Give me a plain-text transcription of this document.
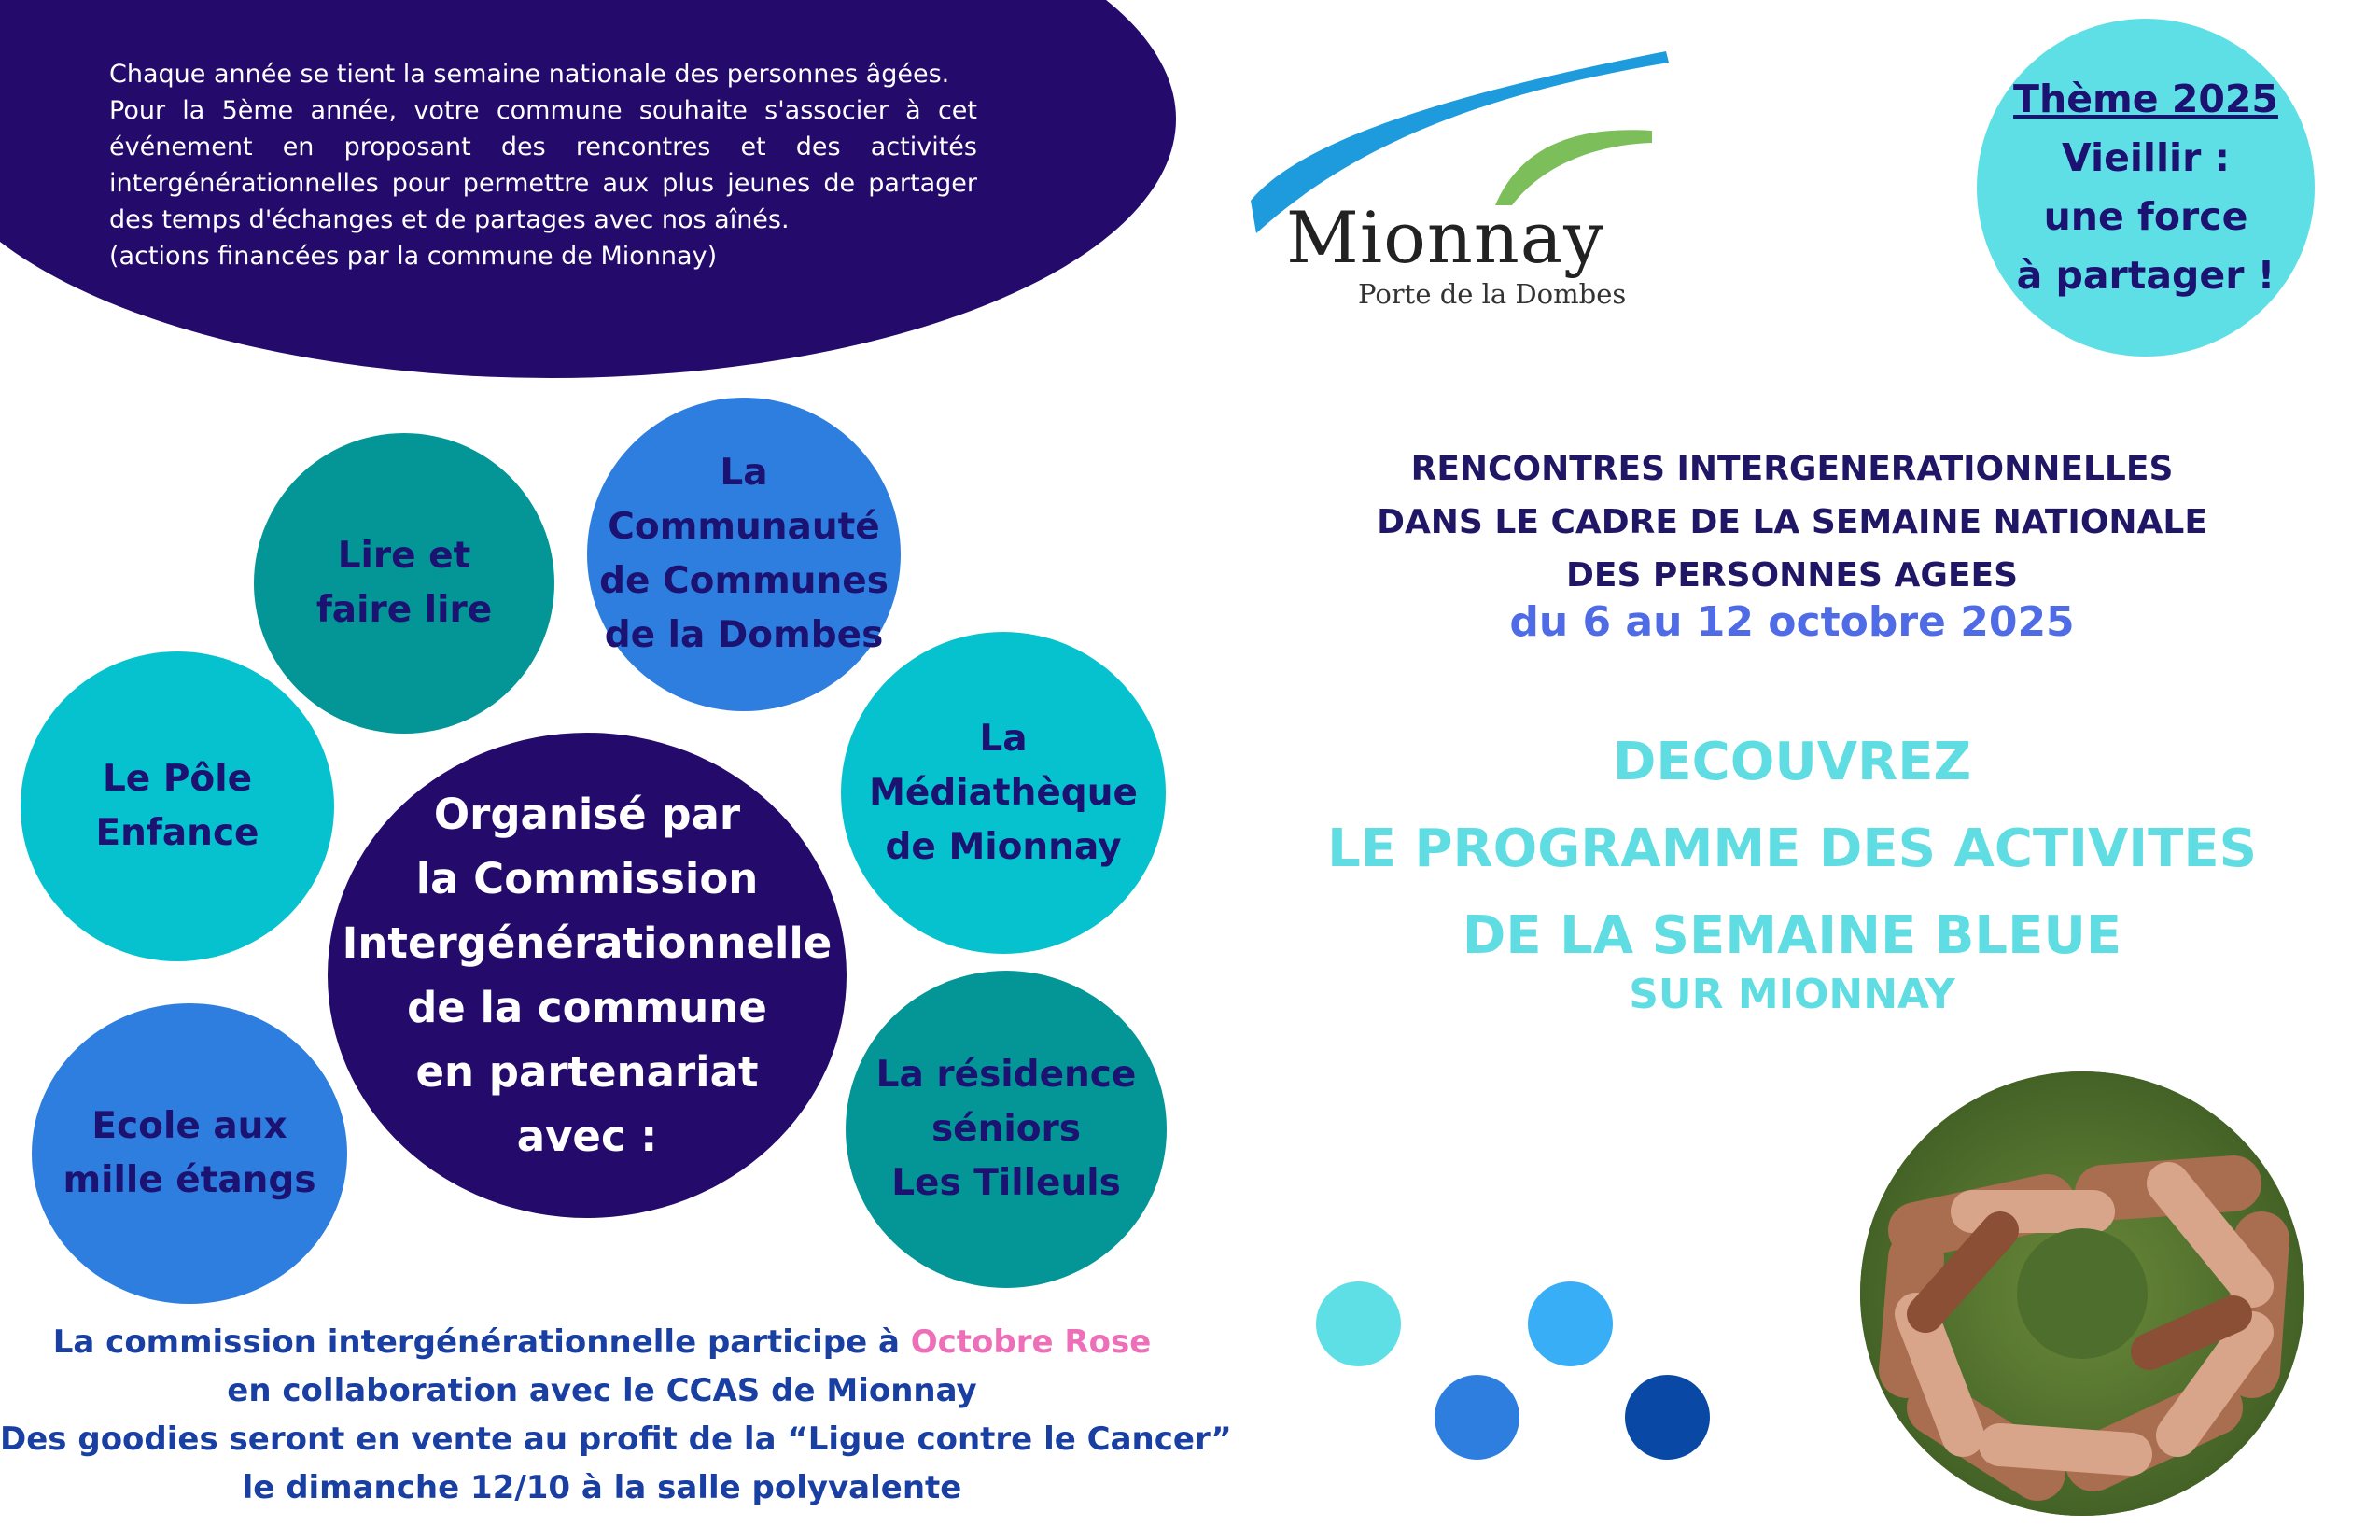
Chaque année se tient la semaine nationale des personnes âgées.

Pour la 5ème année, votre commune souhaite s'associer à cet événement en proposant des rencontres et des activités intergénérationnelles pour permettre aux plus jeunes de partager des temps d'échanges et de partages avec nos aînés.

(actions financées par la commune de Mionnay)	Mionnay
Porte de la Dombes
Thème 2025
Vieillir :
une force
à partager !
RENCONTRES INTERGENERATIONNELLES
DANS LE CADRE DE LA SEMAINE NATIONALE
DES PERSONNES AGEES
du 6 au 12 octobre 2025
DECOUVREZ
LE PROGRAMME DES ACTIVITES
DE LA SEMAINE BLEUE
SUR MIONNAY
Lire et
faire lire
La
Communauté
de Communes
de la Dombes
Le Pôle
Enfance
La
Médiathèque
de Mionnay
Ecole aux
mille étangs
La résidence
séniors
Les Tilleuls
Organisé par
la Commission
Intergénérationnelle
de la commune
en partenariat
avec :
La commission intergénérationnelle participe à Octobre Rose
en collaboration avec le CCAS de Mionnay
Des goodies seront en vente au profit de la “Ligue contre le Cancer”
le dimanche 12/10 à la salle polyvalente
